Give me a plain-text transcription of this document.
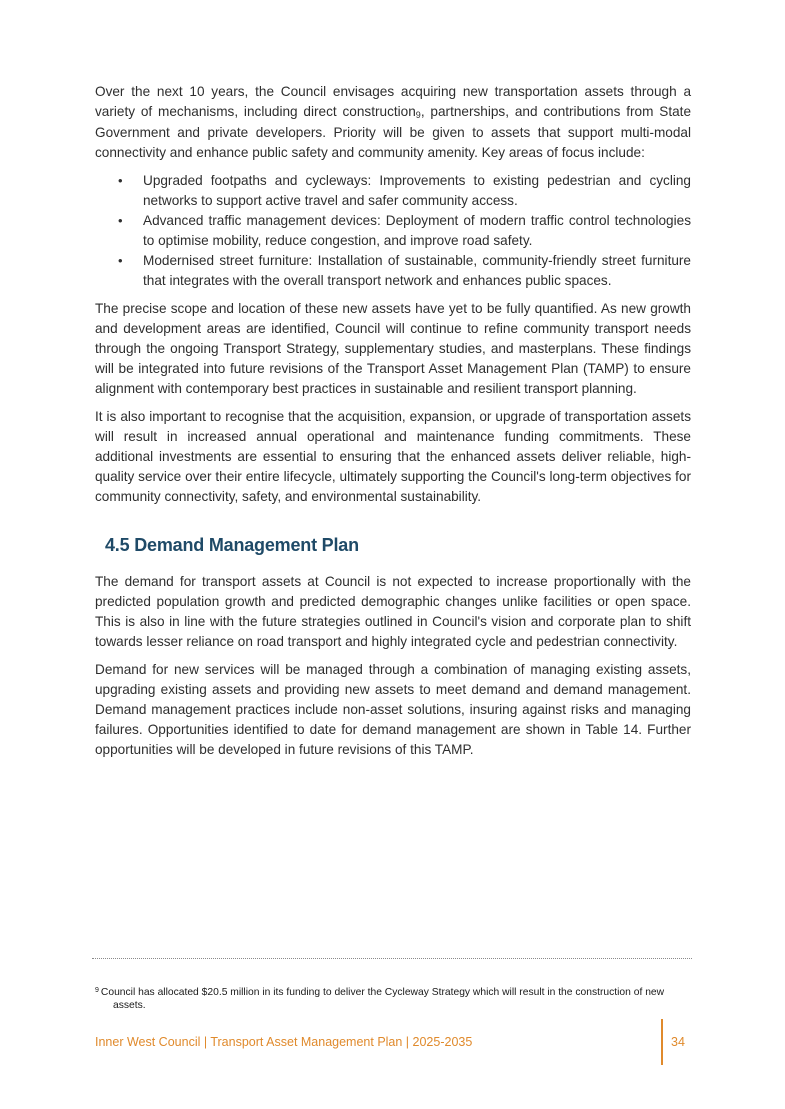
Over the next 10 years, the Council envisages acquiring new transportation assets through a variety of mechanisms, including direct construction$^9$, partnerships, and contributions from State Government and private developers. Priority will be given to assets that support multi-modal connectivity and enhance public safety and community amenity. Key areas of focus include:

• Upgraded footpaths and cycleways: Improvements to existing pedestrian and cycling networks to support active travel and safer community access.
• Advanced traffic management devices: Deployment of modern traffic control technologies to optimise mobility, reduce congestion, and improve road safety.
• Modernised street furniture: Installation of sustainable, community-friendly street furniture that integrates with the overall transport network and enhances public spaces.

The precise scope and location of these new assets have yet to be fully quantified. As new growth and development areas are identified, Council will continue to refine community transport needs through the ongoing Transport Strategy, supplementary studies, and masterplans. These findings will be integrated into future revisions of the Transport Asset Management Plan (TAMP) to ensure alignment with contemporary best practices in sustainable and resilient transport planning.

It is also important to recognise that the acquisition, expansion, or upgrade of transportation assets will result in increased annual operational and maintenance funding commitments. These additional investments are essential to ensuring that the enhanced assets deliver reliable, high-quality service over their entire lifecycle, ultimately supporting the Council's long-term objectives for community connectivity, safety, and environmental sustainability.

4.5 Demand Management Plan

The demand for transport assets at Council is not expected to increase proportionally with the predicted population growth and predicted demographic changes unlike facilities or open space. This is also in line with the future strategies outlined in Council's vision and corporate plan to shift towards lesser reliance on road transport and highly integrated cycle and pedestrian connectivity.

Demand for new services will be managed through a combination of managing existing assets, upgrading existing assets and providing new assets to meet demand and demand management. Demand management practices include non-asset solutions, insuring against risks and managing failures. Opportunities identified to date for demand management are shown in Table 14. Further opportunities will be developed in future revisions of this TAMP.

$^9$ Council has allocated $20.5 million in its funding to deliver the Cycleway Strategy which will result in the construction of new
assets.
Inner West Council | Transport Asset Management Plan | 2025-2035	34
